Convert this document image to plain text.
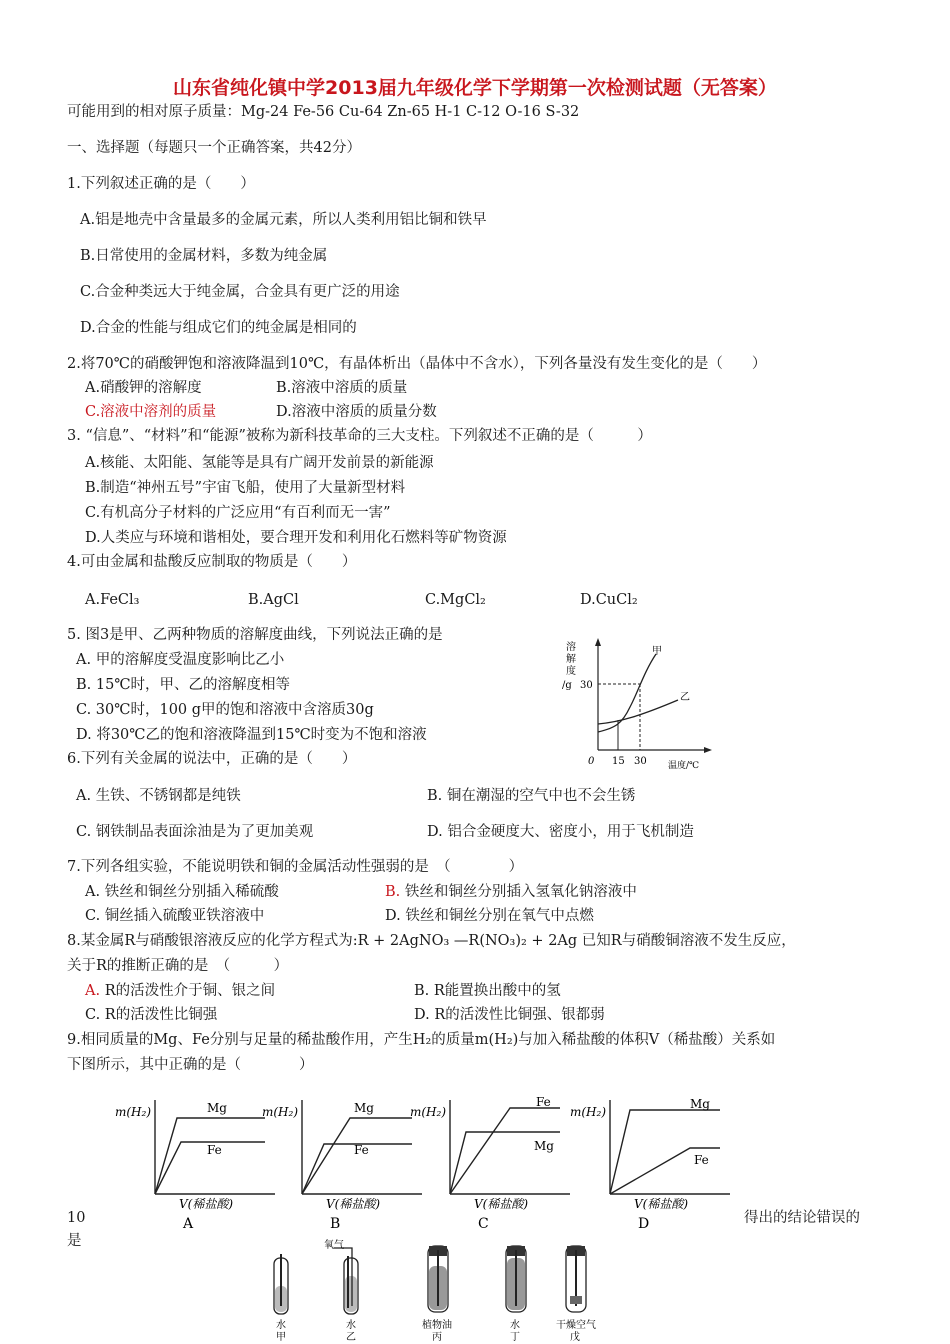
山东省纯化镇中学2013届九年级化学下学期第一次检测试题（无答案）
可能用到的相对原子质量：Mg-24 Fe-56 Cu-64 Zn-65 H-1 C-12 O-16 S-32
一、选择题（每题只一个正确答案，共42分）
1.下列叙述正确的是（　　）
A.铝是地壳中含量最多的金属元素，所以人类利用铝比铜和铁早
B.日常使用的金属材料，多数为纯金属
C.合金种类远大于纯金属，合金具有更广泛的用途
D.合金的性能与组成它们的纯金属是相同的
2.将70℃的硝酸钾饱和溶液降温到10℃，有晶体析出（晶体中不含水），下列各量没有发生变化的是（　　）
A.硝酸钾的溶解度	B.溶液中溶质的质量
C.溶液中溶剂的质量	D.溶液中溶质的质量分数
3. “信息”、“材料”和“能源”被称为新科技革命的三大支柱。下列叙述不正确的是（　　　）
A.核能、太阳能、氢能等是具有广阔开发前景的新能源
B.制造“神州五号”宇宙飞船，使用了大量新型材料
C.有机高分子材料的广泛应用“有百利而无一害”
D.人类应与环境和谐相处，要合理开发和利用化石燃料等矿物资源
4.可由金属和盐酸反应制取的物质是（　　）
A.FeCl₃	B.AgCl	C.MgCl₂	D.CuCl₂
5. 图3是甲、乙两种物质的溶解度曲线，下列说法正确的是
A. 甲的溶解度受温度影响比乙小
B. 15℃时，甲、乙的溶解度相等
C. 30℃时，100 g甲的饱和溶液中含溶质30g
D. 将30℃乙的饱和溶液降温到15℃时变为不饱和溶液
溶
解
度
/g 30
甲
乙
0 15 30 温度/℃
6.下列有关金属的说法中，正确的是（　　）
A. 生铁、不锈钢都是纯铁	B. 铜在潮湿的空气中也不会生锈
C. 钢铁制品表面涂油是为了更加美观	D. 铝合金硬度大、密度小，用于飞机制造
7.下列各组实验，不能说明铁和铜的金属活动性强弱的是　（　　　　）
A. 铁丝和铜丝分别插入稀硫酸	B. 铁丝和铜丝分别插入氢氧化钠溶液中
C. 铜丝插入硫酸亚铁溶液中	D. 铁丝和铜丝分别在氧气中点燃
8.某金属R与硝酸银溶液反应的化学方程式为:R + 2AgNO₃ —R(NO₃)₂ + 2Ag 已知R与硝酸铜溶液不发生反应，
关于R的推断正确的是　（　　　）
A. R的活泼性介于铜、银之间	B. R能置换出酸中的氢
C. R的活泼性比铜强	D. R的活泼性比铜强、银都弱
9.相同质量的Mg、Fe分别与足量的稀盐酸作用，产生H₂的质量m(H₂)与加入稀盐酸的体积V（稀盐酸）关系如
下图所示，其中正确的是（　　　　）
m(H₂)
V(稀盐酸)
Mg
Fe
A
m(H₂)
V(稀盐酸)
Mg
Fe
B
m(H₂)
V(稀盐酸)
Fe
Mg
C
m(H₂)
V(稀盐酸)
Mg
Fe
D
10	得出的结论错误的
是	氧气
水
甲
水
乙
植物油
丙
水
丁
干燥空气
戊
